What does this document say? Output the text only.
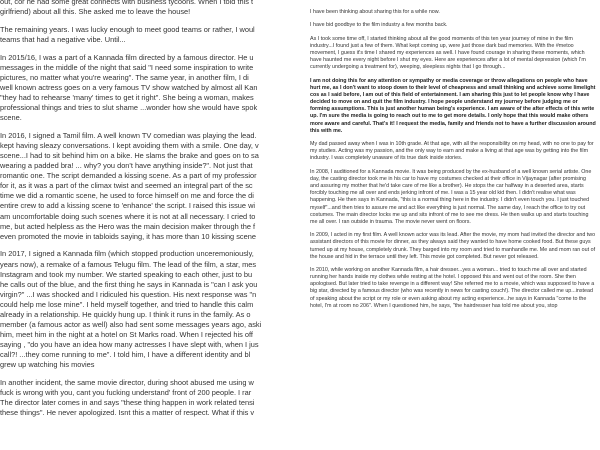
out, cor he had some great connects with business tycoons. When I told this t
girlfriend) about all this. She asked me to leave the house!
The remaining years. I was lucky enough to meet good teams or rather, I woul
teams that had a negative vibe. Until...
In 2015/16, I was a part of a Kannada film directed by a famous director. He u
messages in the middle of the night that said "I need some inspiration to write
pictures, no matter what you're wearing". The same year, in another film, I di
well known actress goes on a very famous TV show watched by almost all Kan
"they had to rehearse 'many' times to get it right". She being a woman, makes
professional things and tries to slut shame ...wonder how she would have spok
scene.
In 2016, I signed a Tamil film. A well known TV comedian was playing the lead.
kept having sleazy conversations. I kept avoiding them with a smile. One day, v
scene...I had to sit behind him on a bike. He slams the brake and goes on to sa
wearing a padded bra! ... why? you don't have anything inside?". Not just that
romantic one. The script demanded a kissing scene. As a part of my professior
for it, as it was a part of the climax twist and seemed an integral part of the sc
time we did a romantic scene, he used to force himself on me and force the di
entire crew to add a kissing scene to 'enhance' the script. I raised this issue wi
am uncomfortable doing such scenes where it is not at all necessary. I cried to
me, but acted helpless as the Hero was the main decision maker through the f
even promoted the movie in tabloids saying, it has more than 10 kissing scene
In 2017, I signed a Kannada film (which stopped production unceremoniously,
years now), a remake of a famous Telugu film. The lead of the film, a star, mes
Instagram and took my number. We started speaking to each other, just to bu
he calls out of the blue, and the first thing he says in Kannada is "can I ask you
virgin?" ...I was shocked and I ridiculed his question. His next response was "n
could help me lose mine". I held myself together, and tried to handle this calm
already in a relationship. He quickly hung up. I think it runs in the family. As o
member (a famous actor as well) also had sent some messages years ago, aski
him, meet him in the night at a hotel on St Marks road. When I rejected his off
saying , "do you have an idea how many actresses I have slept with, when I jus
call?! ...they come running to me". I told him, I have a different identity and bl
grew up watching his movies
In another incident, the same movie director, during shoot abused me using w
fuck is wrong with you, cant you fucking understand' front of 200 people. I rar
The director later comes in and says "these thing happen in work related tensi
these things". He never apologized. Isnt this a matter of respect. What if this v

I have been thinking about sharing this for a while now.

I have bid goodbye to the film industry a few months back.

As I took some time off, I started thinking about all the good moments of this ten year journey of mine in the film industry...I found just a few of them. What kept coming up, were just those dark bad memories. With the #metoo movement, I guess it's time I shared my experiences as well. I have found courage in sharing these moments, which have haunted me every night before I shut my eyes. Here are experiences after a lot of mental depression (which I'm currently undergoing a treatment for), weeping, sleepless nights that I go through...

I am not doing this for any attention or sympathy or media coverage or throw allegations on people who have hurt me, as I don't want to stoop down to their level of cheapness and small thinking and achieve some limelight cos as I said before, I am out of this field of entertainment. I am sharing this just to let people know why I have decided to move on and quit the film industry. I hope people understand my journey before judging me or forming assumptions. This is just another human being's experience. I am aware of the after effects of this write up. I'm sure the media is going to reach out to me to get more details. I only hope that this would make others more aware and careful. That's it! I request the media, family and friends not to have a further discussion around this with me.

My dad passed away when I was in 10th grade. At that age, with all the responsibility on my head, with no one to pay for my studies. Acting was my passion, and the only way to earn and make a living at that age was by getting into the film industry. I was completely unaware of its true dark inside stories.

In 2008, I auditioned for a Kannada movie. It was being produced by the ex-husband of a well known serial artiste. One day, the casting director took me in his car to have my costumes checked at their office in Vijaynagar (after promising and assuring my mother that he'd take care of me like a brother). He stops the car halfway in a deserted area, starts forcibly touching me all over and ends jerking infront of me. I was a 15 year old kid then. I didn't realise what was happening. He then says in Kannada, "this is a normal thing here in the industry. I didn't even touch you. I just touched myself"...and then tries to assure me and act like everything is just normal. The same day, I reach the office to try out costumes. The main director locks me up and sits infront of me to see me dress. He then walks up and starts touching me all over. I ran outside in trauma. The movie never went on floors.

In 2009, I acted in my first film. A well known actor was its lead. After the movie, my mom had invited the director and two assistant directors of this movie for dinner, as they always said they wanted to have home cooked food. But these guys turned up at my house, completely drunk. They barged into my room and tried to manhandle me. Me and mom ran out of the house and hid in the terrace until they left. This movie got completed. But never got released.

In 2010, while working on another Kannada film, a hair dresser...yes a woman... tried to touch me all over and started running her hands inside my clothes while resting at the hotel. I opposed this and went out of the room. She then apologised. But later tried to take revenge in a different way! She referred me to a movie, which was supposed to have a big star, directed by a famous director (who was recently in news for casting couch!). The director called me up...instead of speaking about the script or my role or even asking about my acting experience...he says in Kannada "come to the hotel, I'm at room no 206". When I questioned him, he says, "the hairdresser has told me about you, stop
